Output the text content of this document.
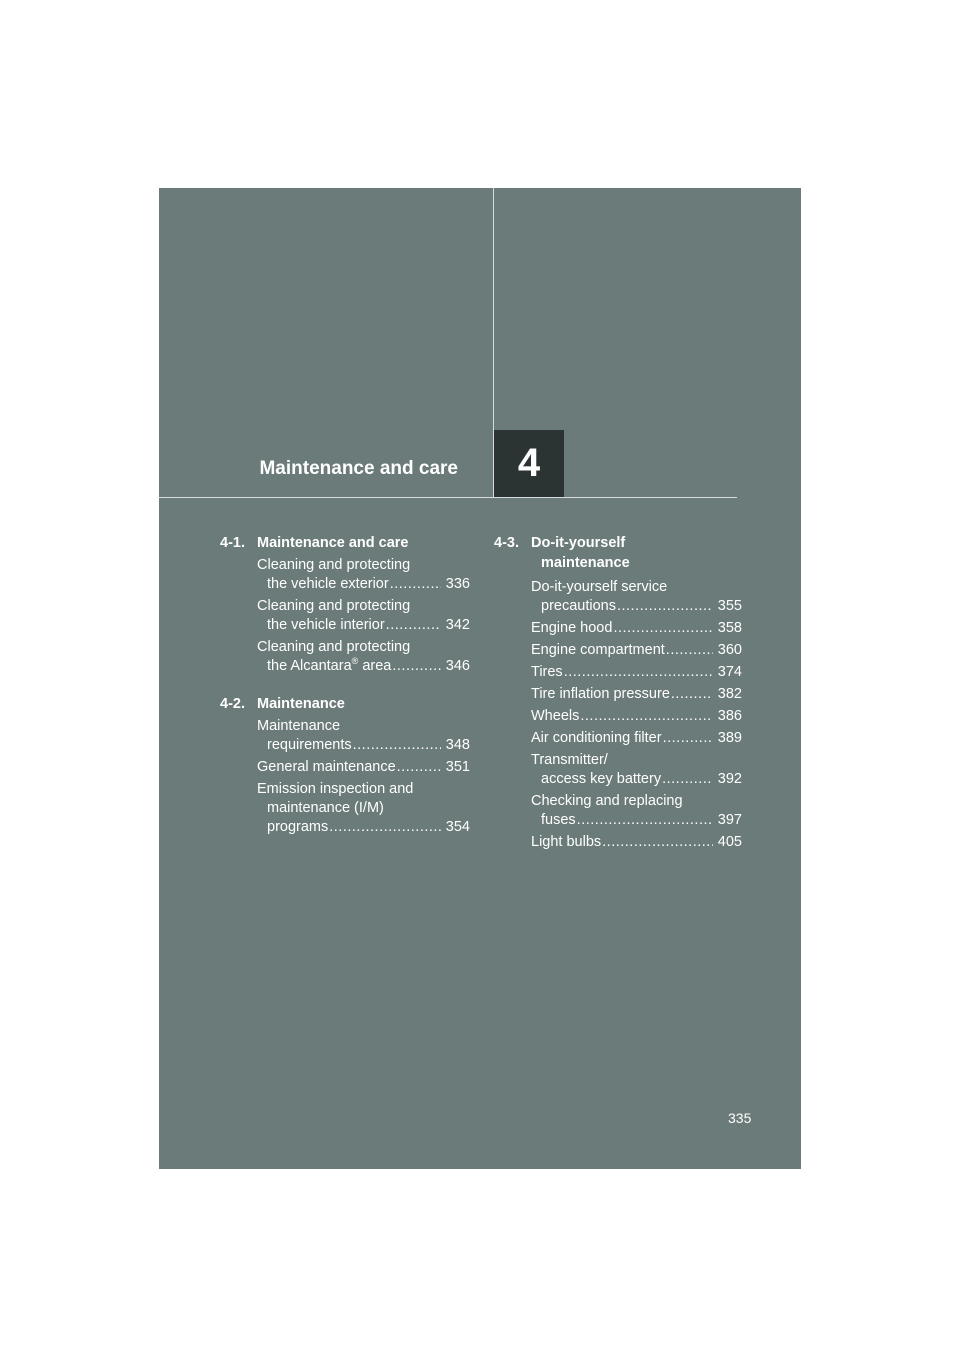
Maintenance and care	4
4-1. Maintenance and care
Cleaning and protecting
the vehicle exterior .....	336
Cleaning and protecting
the vehicle interior .....	342
Cleaning and protecting
the Alcantara® area .....	346
4-2. Maintenance
Maintenance
requirements .....	348
General maintenance .....	351
Emission inspection and
maintenance (I/M)
programs .....	354
4-3. Do-it-yourself
maintenance
Do-it-yourself service
precautions .....	355
Engine hood .....	358
Engine compartment .....	360
Tires .....	374
Tire inflation pressure .....	382
Wheels .....	386
Air conditioning filter .....	389
Transmitter/
access key battery .....	392
Checking and replacing
fuses .....	397
Light bulbs .....	405
335
